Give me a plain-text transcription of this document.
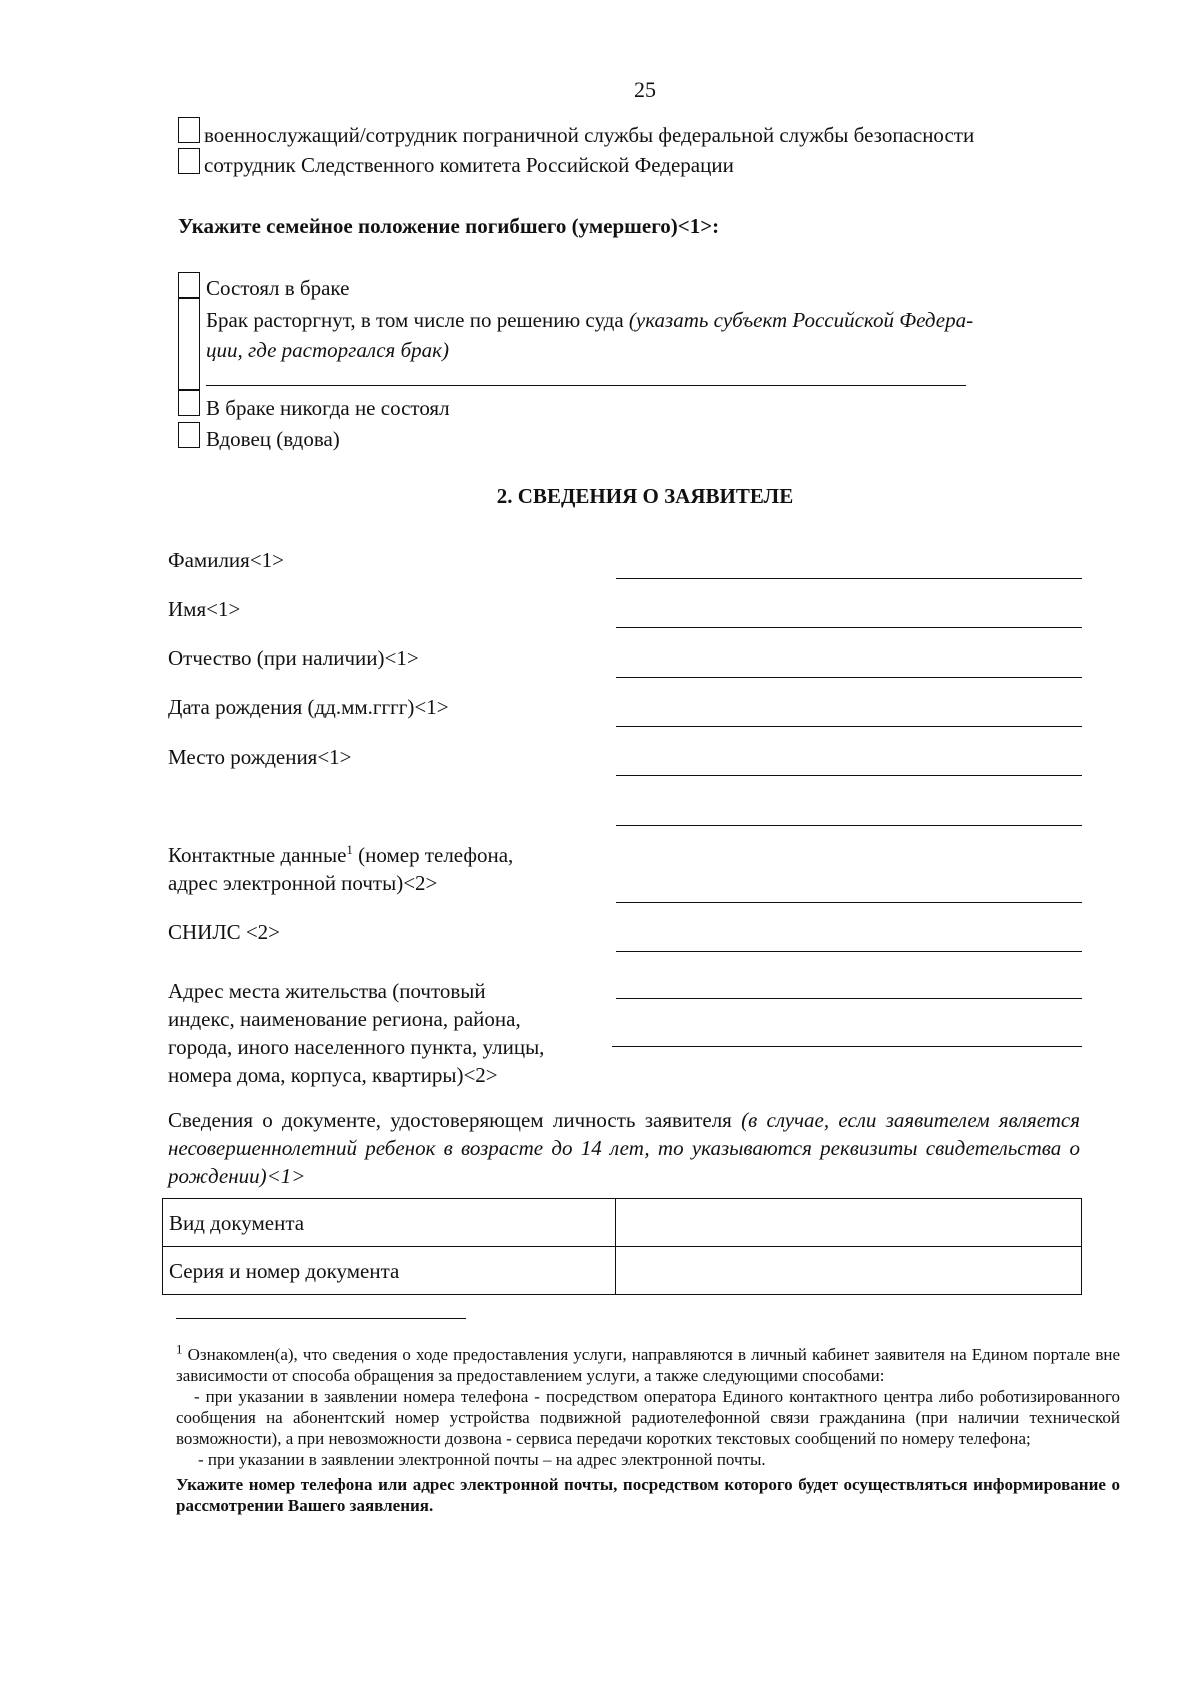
25
военнослужащий/сотрудник пограничной службы федеральной службы безопасности
сотрудник Следственного комитета Российской Федерации
Укажите семейное положение погибшего (умершего)<1>:
Состоял в браке
Брак расторгнут, в том числе по решению суда (указать субъект Российской Федера-
ции, где расторгался брак)
В браке никогда не состоял
Вдовец (вдова)
2. СВЕДЕНИЯ О ЗАЯВИТЕЛЕ
Фамилия<1>
Имя<1>
Отчество (при наличии)<1>
Дата рождения (дд.мм.гггг)<1>
Место рождения<1>
Контактные данные$^1$ (номер телефона,
адрес электронной почты)<2>
СНИЛС <2>
Адрес места жительства (почтовый
индекс, наименование региона, района,
города, иного населенного пункта, улицы,
номера дома, корпуса, квартиры)<2>
Сведения о документе, удостоверяющем личность заявителя (в случае, если заявителем является несовершеннолетний ребенок в возрасте до 14 лет, то указываются реквизиты свидетельства о рождении)<1>
Вид документа	
Серия и номер документа	

$^1$ Ознакомлен(а), что сведения о ходе предоставления услуги, направляются в личный кабинет заявителя на Едином портале вне зависимости от способа обращения за предоставлением услуги, а также следующими способами:

- при указании в заявлении номера телефона - посредством оператора Единого контактного центра либо роботизированного сообщения на абонентский номер устройства подвижной радиотелефонной связи гражданина (при наличии технической возможности), а при невозможности дозвона - сервиса передачи коротких текстовых сообщений по номеру телефона;

- при указании в заявлении электронной почты – на адрес электронной почты.

Укажите номер телефона или адрес электронной почты, посредством которого будет осуществляться информирование о рассмотрении Вашего заявления.
